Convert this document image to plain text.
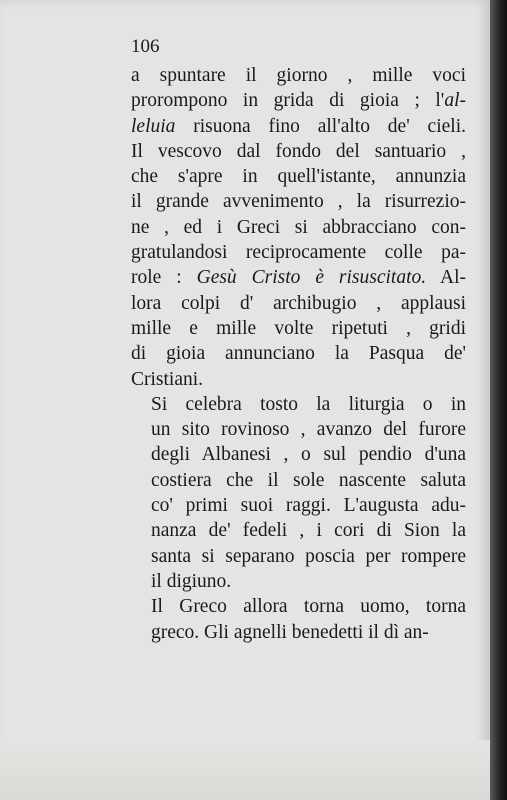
106
a spuntare il giorno , mille voci
prorompono in grida di gioia ; l'al-
leluia risuona fino all'alto de' cieli.
Il vescovo dal fondo del santuario ,
che s'apre in quell'istante, annunzia
il grande avvenimento , la risurrezio-
ne , ed i Greci si abbracciano con-
gratulandosi reciprocamente colle pa-
role : Gesù Cristo è risuscitato. Al-
lora colpi d' archibugio , applausi
mille e mille volte ripetuti , gridi
di gioia annunciano la Pasqua de'
Cristiani.
Si celebra tosto la liturgia o in
un sito rovinoso , avanzo del furore
degli Albanesi , o sul pendio d'una
costiera che il sole nascente saluta
co' primi suoi raggi. L'augusta adu-
nanza de' fedeli , i cori di Sion la
santa si separano poscia per rompere
il digiuno.
Il Greco allora torna uomo, torna
greco. Gli agnelli benedetti il dì an-
